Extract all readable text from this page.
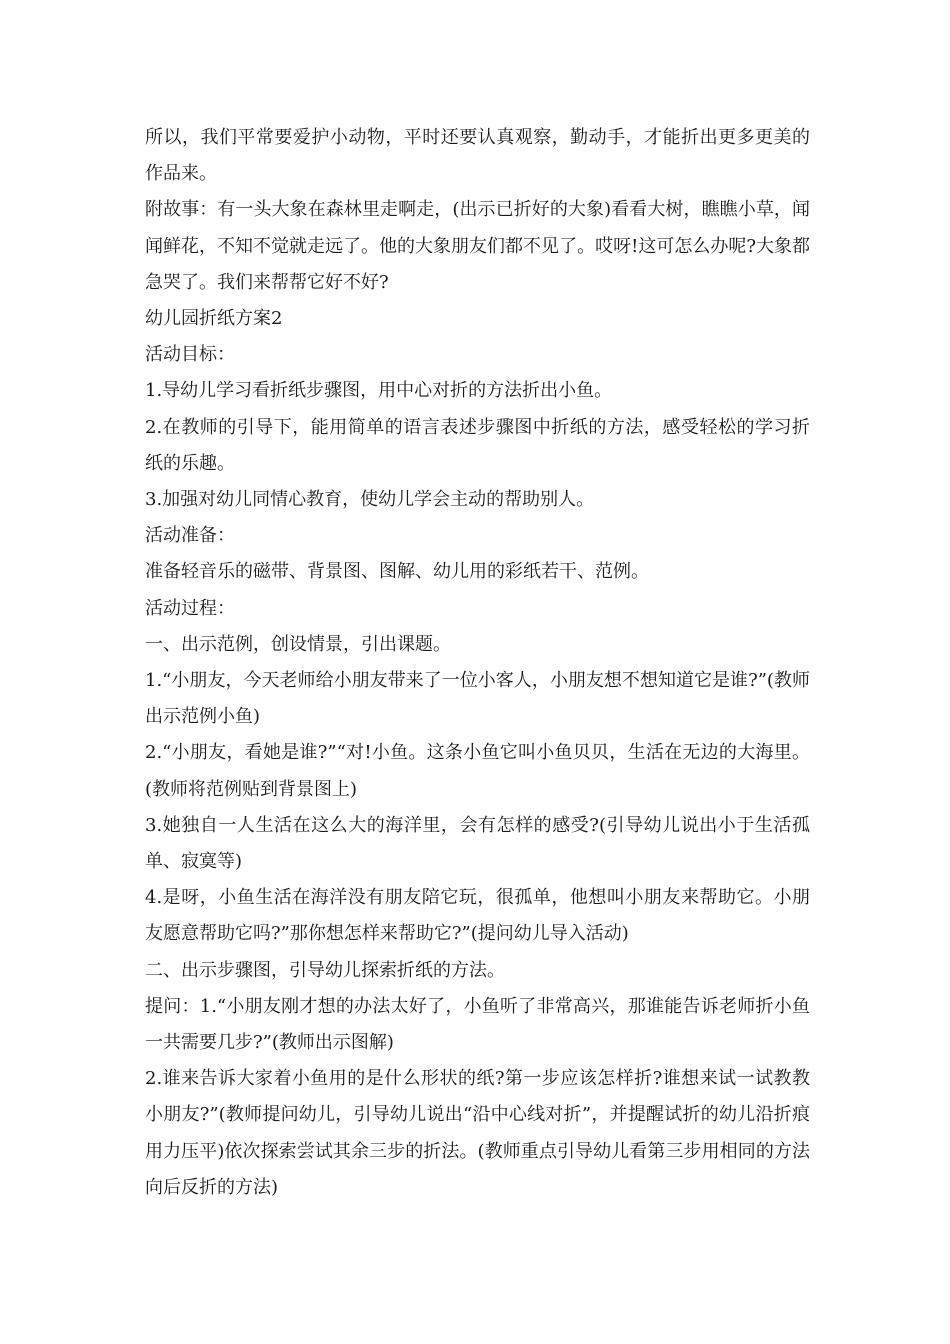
所以，我们平常要爱护小动物，平时还要认真观察，勤动手，才能折出更多更美的作品来。

附故事：有一头大象在森林里走啊走，(出示已折好的大象)看看大树，瞧瞧小草，闻闻鲜花，不知不觉就走远了。他的大象朋友们都不见了。哎呀!这可怎么办呢?大象都急哭了。我们来帮帮它好不好?

幼儿园折纸方案2

活动目标：

1.导幼儿学习看折纸步骤图，用中心对折的方法折出小鱼。

2.在教师的引导下，能用简单的语言表述步骤图中折纸的方法，感受轻松的学习折纸的乐趣。

3.加强对幼儿同情心教育，使幼儿学会主动的帮助别人。

活动准备：

准备轻音乐的磁带、背景图、图解、幼儿用的彩纸若干、范例。

活动过程：

一、出示范例，创设情景，引出课题。

1.“小朋友，今天老师给小朋友带来了一位小客人，小朋友想不想知道它是谁?”(教师出示范例小鱼)

2.“小朋友，看她是谁?”“对!小鱼。这条小鱼它叫小鱼贝贝，生活在无边的大海里。(教师将范例贴到背景图上)

3.她独自一人生活在这么大的海洋里，会有怎样的感受?(引导幼儿说出小于生活孤单、寂寞等)

4.是呀，小鱼生活在海洋没有朋友陪它玩，很孤单，他想叫小朋友来帮助它。小朋友愿意帮助它吗?”那你想怎样来帮助它?”(提问幼儿导入活动)

二、出示步骤图，引导幼儿探索折纸的方法。

提问：1.“小朋友刚才想的办法太好了，小鱼听了非常高兴，那谁能告诉老师折小鱼一共需要几步?”(教师出示图解)

2.谁来告诉大家着小鱼用的是什么形状的纸?第一步应该怎样折?谁想来试一试教教小朋友?”(教师提问幼儿，引导幼儿说出“沿中心线对折”，并提醒试折的幼儿沿折痕用力压平)依次探索尝试其余三步的折法。(教师重点引导幼儿看第三步用相同的方法向后反折的方法)
